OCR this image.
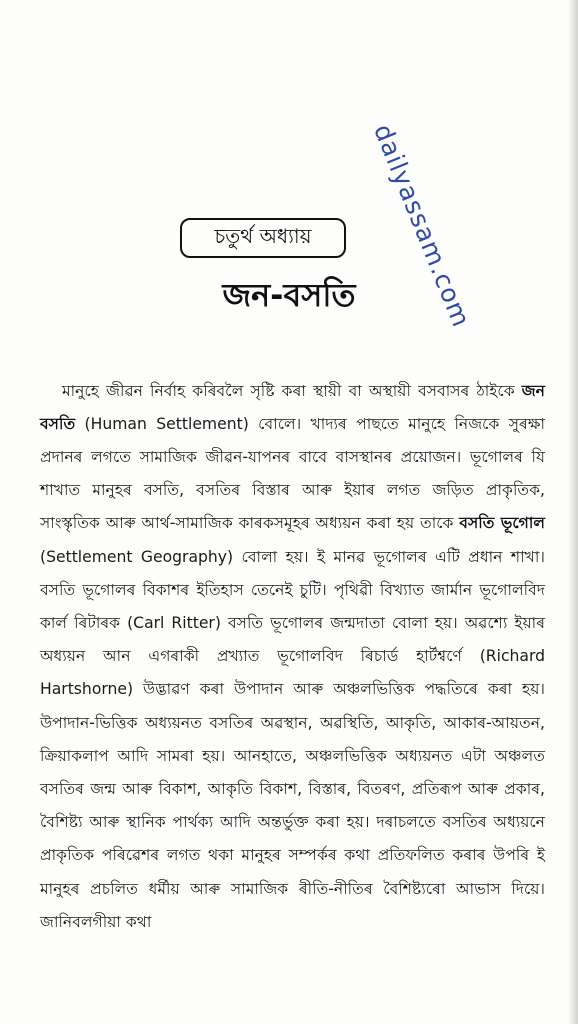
dailyassam.com
চতুৰ্থ অধ্যায়
জন-বসতি

মানুহে জীৱন নিৰ্বাহ কৰিবলৈ সৃষ্টি কৰা স্থায়ী বা অস্থায়ী বসবাসৰ ঠাইকে জন বসতি (Human Settlement) বোলে। খাদ্যৰ পাছতে মানুহে নিজকে সুৰক্ষা প্ৰদানৰ লগতে সামাজিক জীৱন-যাপনৰ বাবে বাসস্থানৰ প্ৰয়োজন। ভূগোলৰ যি শাখাত মানুহৰ বসতি, বসতিৰ বিস্তাৰ আৰু ইয়াৰ লগত জড়িত প্ৰাকৃতিক, সাংস্কৃতিক আৰু আৰ্থ-সামাজিক কাৰকসমূহৰ অধ্যয়ন কৰা হয় তাকে বসতি ভূগোল (Settlement Geography) বোলা হয়। ই মানৱ ভূগোলৰ এটি প্ৰধান শাখা। বসতি ভূগোলৰ বিকাশৰ ইতিহাস তেনেই চুটি। পৃথিৱী বিখ্যাত জাৰ্মান ভূগোলবিদ কাৰ্ল ৰিটাৰক (Carl Ritter) বসতি ভূগোলৰ জন্মদাতা বোলা হয়। অৱশ্যে ইয়াৰ অধ্যয়ন আন এগৰাকী প্ৰখ্যাত ভূগোলবিদ ৰিচাৰ্ড হাৰ্টশ্বৰ্ণে (Richard Hartshorne) উদ্ভাৱণ কৰা উপাদান আৰু অঞ্চলভিত্তিক পদ্ধতিৰে কৰা হয়। উপাদান-ভিত্তিক অধ্যয়নত বসতিৰ অৱস্থান, অৱস্থিতি, আকৃতি, আকাৰ-আয়তন, ক্ৰিয়াকলাপ আদি সামৰা হয়। আনহাতে, অঞ্চলভিত্তিক অধ্যয়নত এটা অঞ্চলত বসতিৰ জন্ম আৰু বিকাশ, আকৃতি বিকাশ, বিস্তাৰ, বিতৰণ, প্ৰতিৰূপ আৰু প্ৰকাৰ, বৈশিষ্ট্য আৰু স্থানিক পাৰ্থক্য আদি অন্তৰ্ভুক্ত কৰা হয়। দৰাচলতে বসতিৰ অধ্যয়নে প্ৰাকৃতিক পৰিৱেশৰ লগত থকা মানুহৰ সম্পৰ্কৰ কথা প্ৰতিফলিত কৰাৰ উপৰি ই মানুহৰ প্ৰচলিত ধৰ্মীয় আৰু সামাজিক ৰীতি-নীতিৰ বৈশিষ্ট্যৰো আভাস দিয়ে। জানিবলগীয়া কথা
